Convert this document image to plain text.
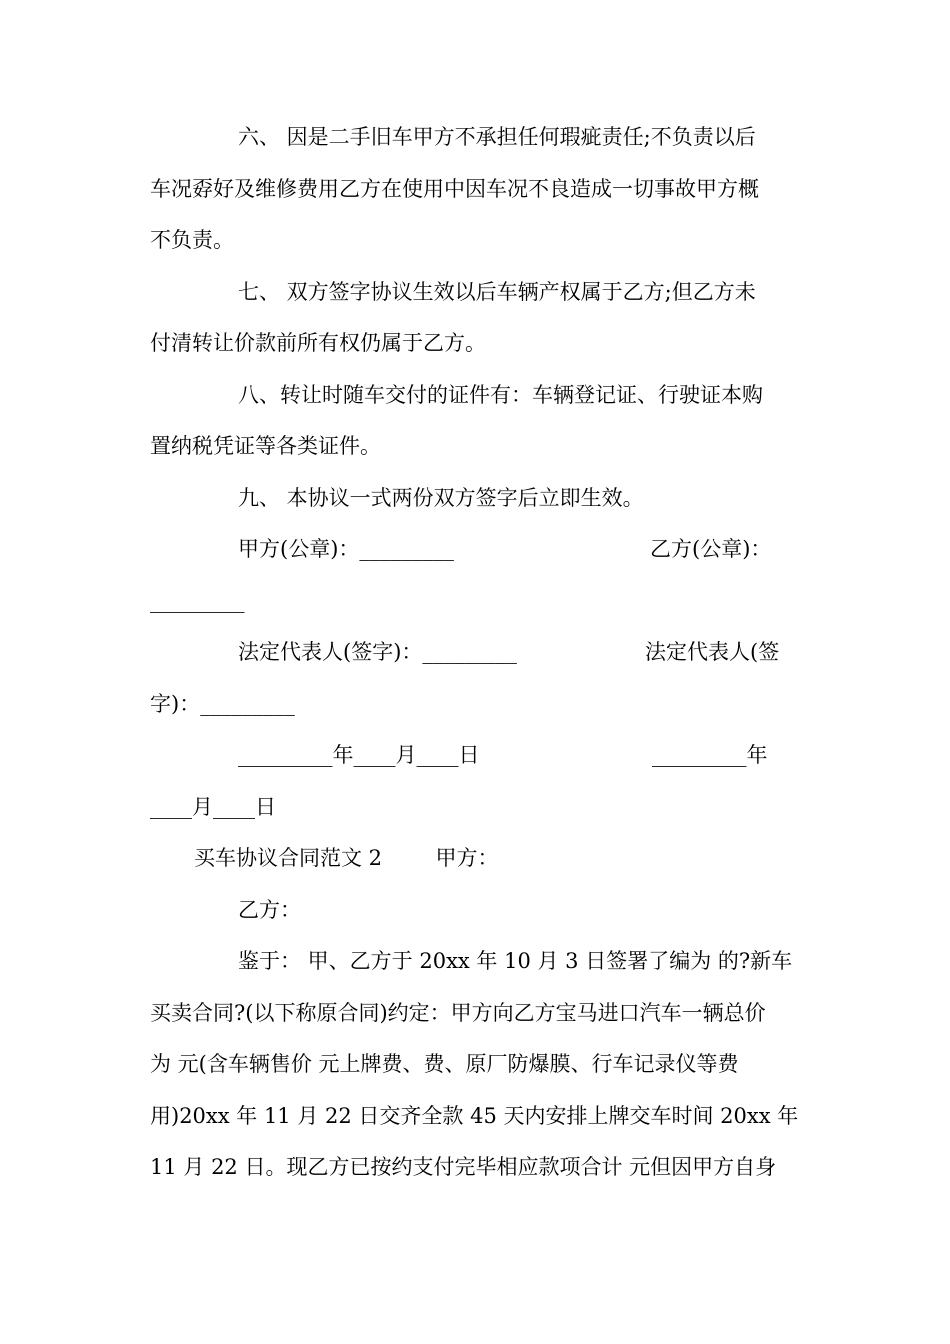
六、 因是二手旧车甲方不承担任何瑕疵责任;不负责以后

车况孬好及维修费用乙方在使用中因车况不良造成一切事故甲方概

不负责。

七、 双方签字协议生效以后车辆产权属于乙方;但乙方未

付清转让价款前所有权仍属于乙方。

八、转让时随车交付的证件有：车辆登记证、行驶证本购

置纳税凭证等各类证件。

九、 本协议一式两份双方签字后立即生效。

甲方(公章)：_________	乙方(公章)：

_________

法定代表人(签字)：_________	法定代表人(签

字)：_________

_________年____月____日	_________年

____月____日

买车协议合同范文 2        甲方：

乙方：

鉴于： 甲、乙方于 20xx 年 10 月 3 日签署了编为 的?新车

买卖合同?(以下称原合同)约定：甲方向乙方宝马进口汽车一辆总价

为 元(含车辆售价 元上牌费、费、原厂防爆膜、行车记录仪等费

用)20xx 年 11 月 22 日交齐全款 45 天内安排上牌交车时间 20xx 年

11 月 22 日。现乙方已按约支付完毕相应款项合计 元但因甲方自身
